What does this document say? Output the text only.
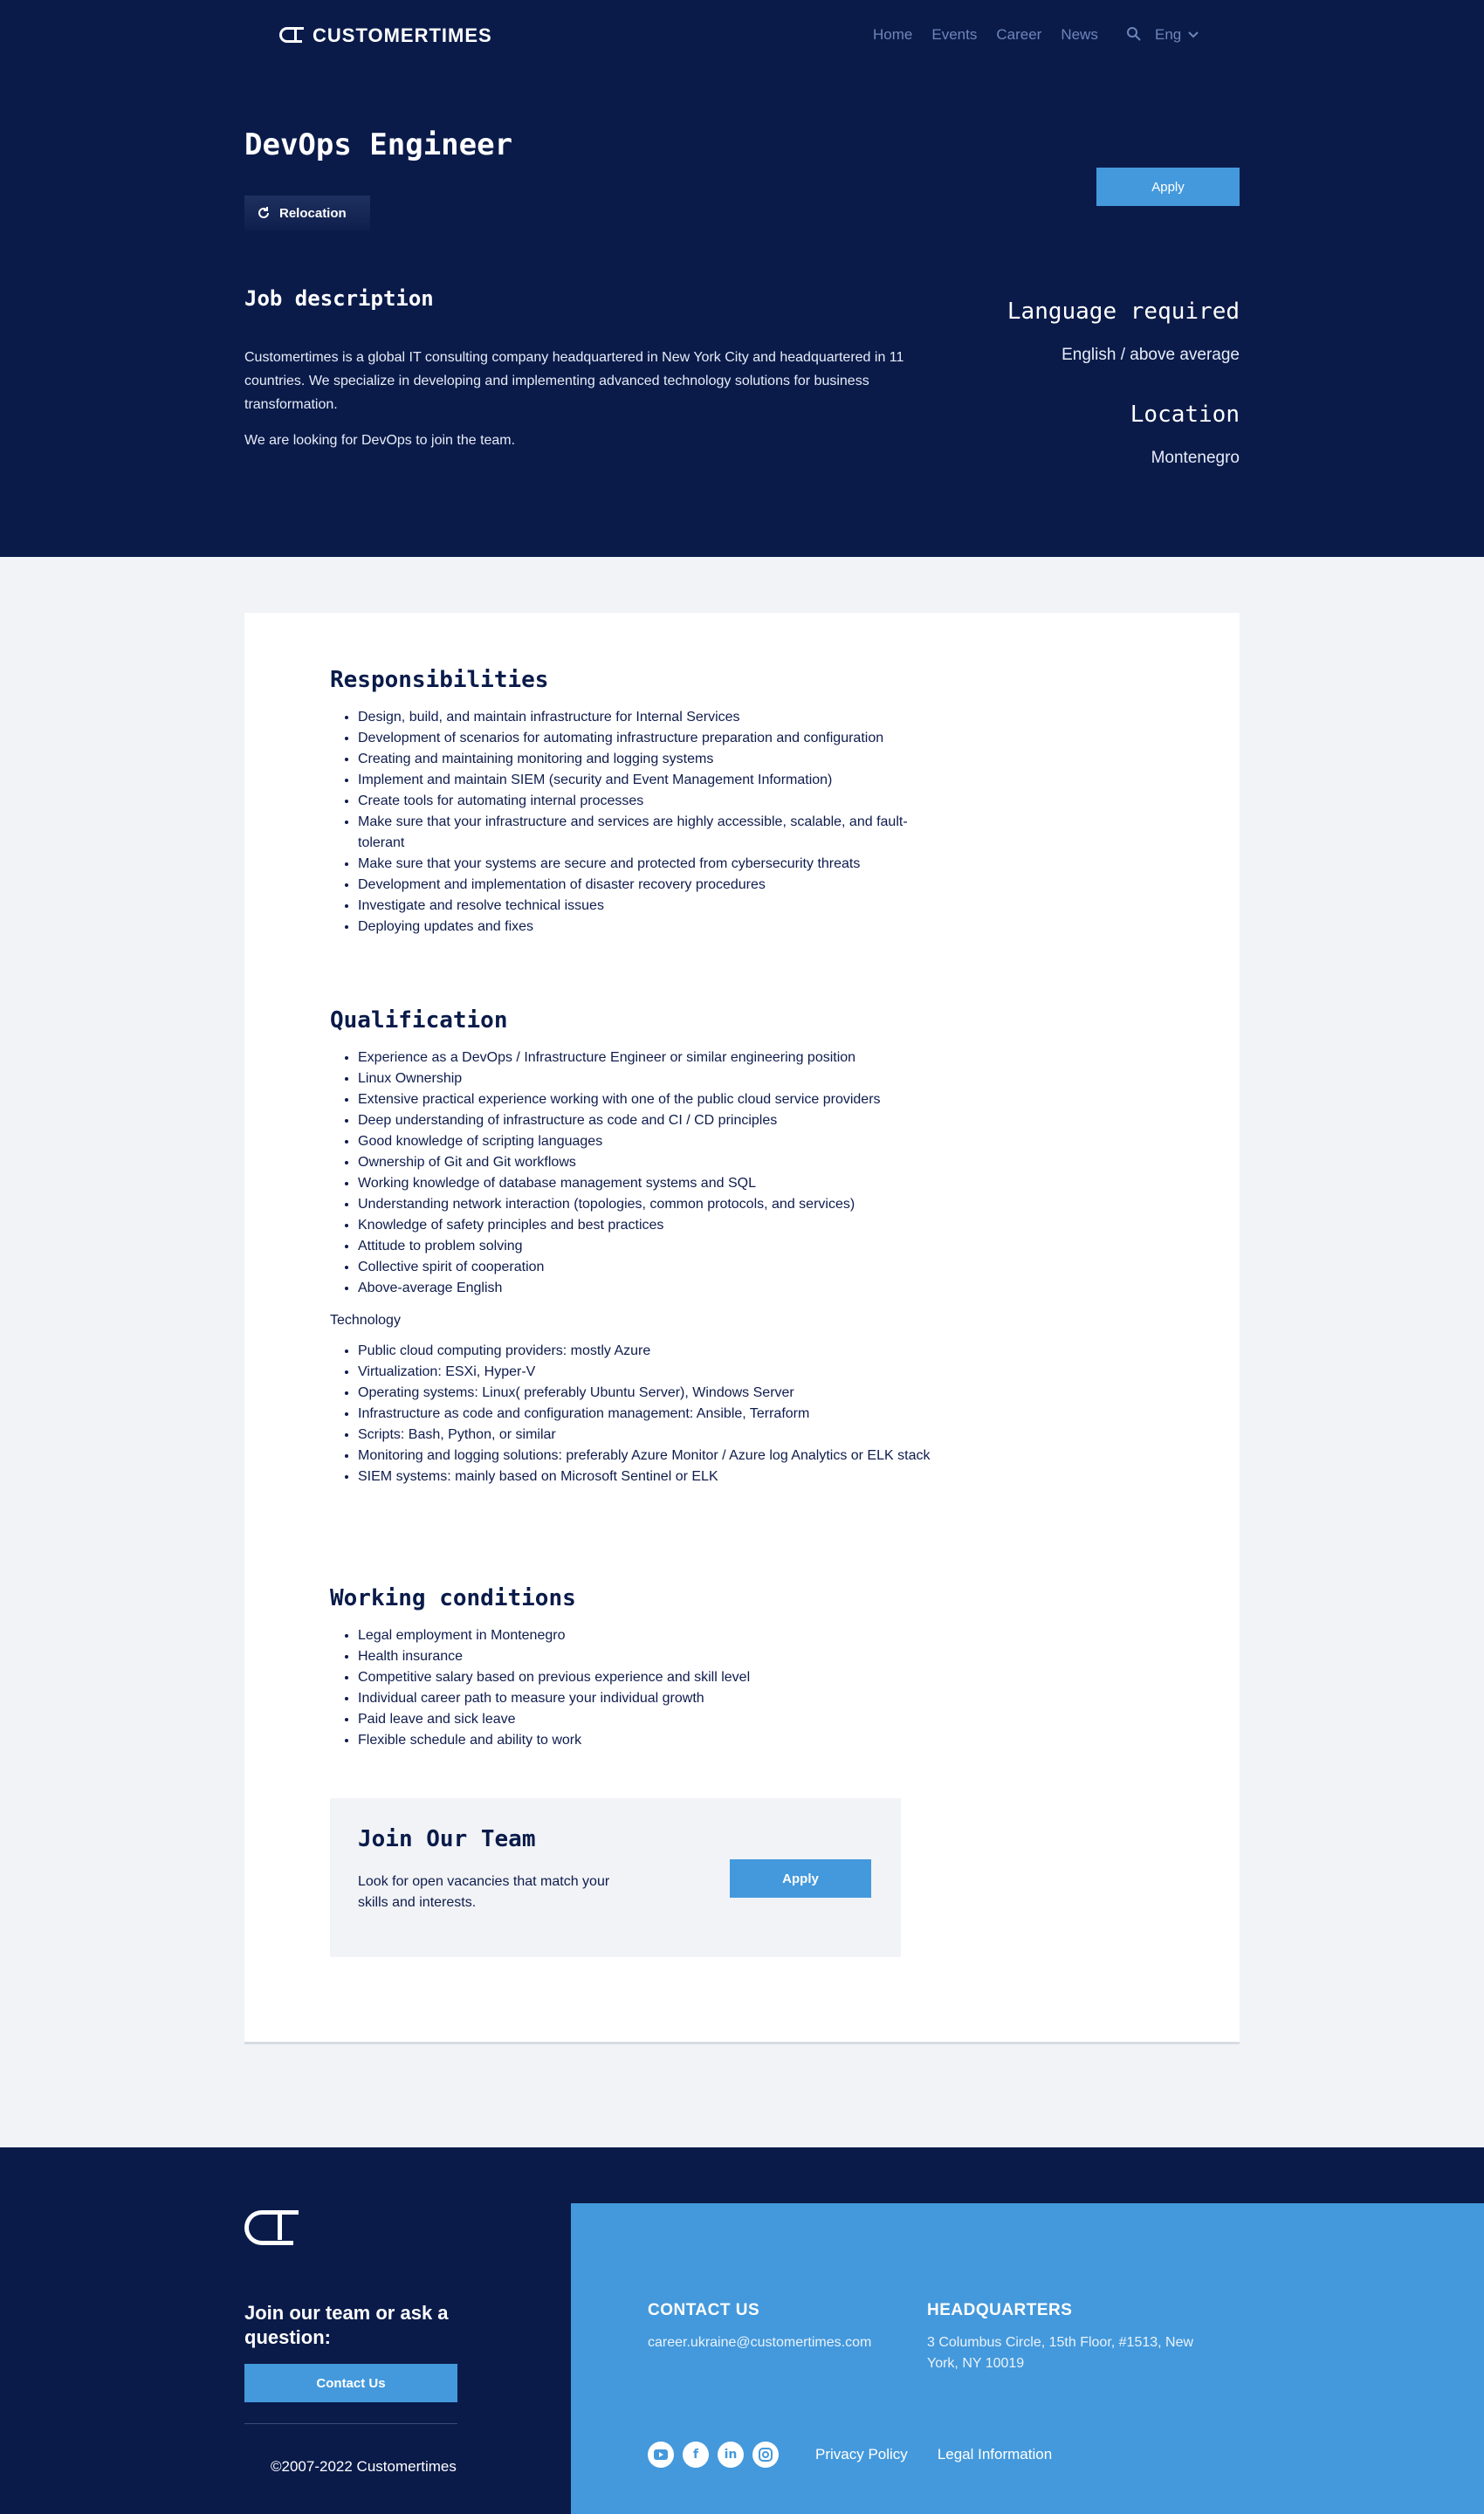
CUSTOMERTIMES	Home Events Career News	Eng
DevOps Engineer
Apply
Relocation
Job description

Customertimes is a global IT consulting company headquartered in New York City and headquartered in 11 countries. We specialize in developing and implementing advanced technology solutions for business transformation.

We are looking for DevOps to join the team.

Language required

English / above average

Location

Montenegro

Responsibilities
• Design, build, and maintain infrastructure for Internal Services
• Development of scenarios for automating infrastructure preparation and configuration
• Creating and maintaining monitoring and logging systems
• Implement and maintain SIEM (security and Event Management Information)
• Create tools for automating internal processes
• Make sure that your infrastructure and services are highly accessible, scalable, and fault-tolerant
• Make sure that your systems are secure and protected from cybersecurity threats
• Development and implementation of disaster recovery procedures
• Investigate and resolve technical issues
• Deploying updates and fixes
Qualification
• Experience as a DevOps / Infrastructure Engineer or similar engineering position
• Linux Ownership
• Extensive practical experience working with one of the public cloud service providers
• Deep understanding of infrastructure as code and CI / CD principles
• Good knowledge of scripting languages
• Ownership of Git and Git workflows
• Working knowledge of database management systems and SQL
• Understanding network interaction (topologies, common protocols, and services)
• Knowledge of safety principles and best practices
• Attitude to problem solving
• Collective spirit of cooperation
• Above-average English
Technology
• Public cloud computing providers: mostly Azure
• Virtualization: ESXi, Hyper-V
• Operating systems: Linux( preferably Ubuntu Server), Windows Server
• Infrastructure as code and configuration management: Ansible, Terraform
• Scripts: Bash, Python, or similar
• Monitoring and logging solutions: preferably Azure Monitor / Azure log Analytics or ELK stack
• SIEM systems: mainly based on Microsoft Sentinel or ELK
Working conditions
• Legal employment in Montenegro
• Health insurance
• Competitive salary based on previous experience and skill level
• Individual career path to measure your individual growth
• Paid leave and sick leave
• Flexible schedule and ability to work
Join Our Team

Look for open vacancies that match your skills and interests.

Apply
Join our team or ask a question:
Contact Us
©2007-2022 Customertimes
CONTACT US

career.ukraine@customertimes.com

HEADQUARTERS

3 Columbus Circle, 15th Floor, #1513, New York, NY 10019

f	in	Privacy Policy Legal Information
